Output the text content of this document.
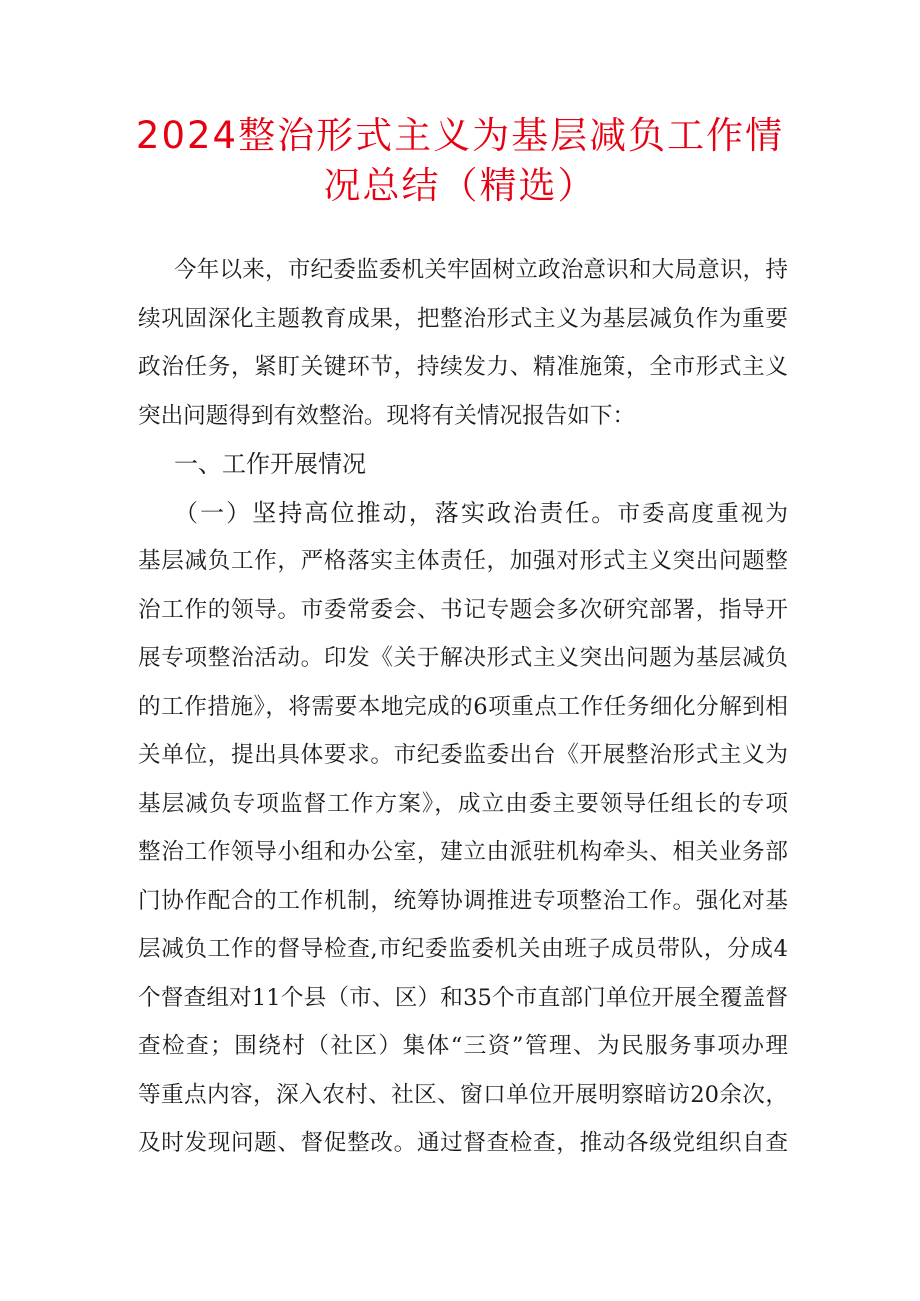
2024整治形式主义为基层减负工作情
况总结（精选）
今年以来，市纪委监委机关牢固树立政治意识和大局意识，持
续巩固深化主题教育成果，把整治形式主义为基层减负作为重要
政治任务，紧盯关键环节，持续发力、精准施策，全市形式主义
突出问题得到有效整治。现将有关情况报告如下：
一、工作开展情况
（一）坚持高位推动，落实政治责任。市委高度重视为
基层减负工作，严格落实主体责任，加强对形式主义突出问题整
治工作的领导。市委常委会、书记专题会多次研究部署，指导开
展专项整治活动。印发《关于解决形式主义突出问题为基层减负
的工作措施》，将需要本地完成的6项重点工作任务细化分解到相
关单位，提出具体要求。市纪委监委出台《开展整治形式主义为
基层减负专项监督工作方案》，成立由委主要领导任组长的专项
整治工作领导小组和办公室，建立由派驻机构牵头、相关业务部
门协作配合的工作机制，统筹协调推进专项整治工作。强化对基
层减负工作的督导检查,市纪委监委机关由班子成员带队，分成4
个督查组对11个县（市、区）和35个市直部门单位开展全覆盖督
查检查；围绕村（社区）集体“三资”管理、为民服务事项办理
等重点内容，深入农村、社区、窗口单位开展明察暗访20余次，
及时发现问题、督促整改。通过督查检查，推动各级党组织自查
